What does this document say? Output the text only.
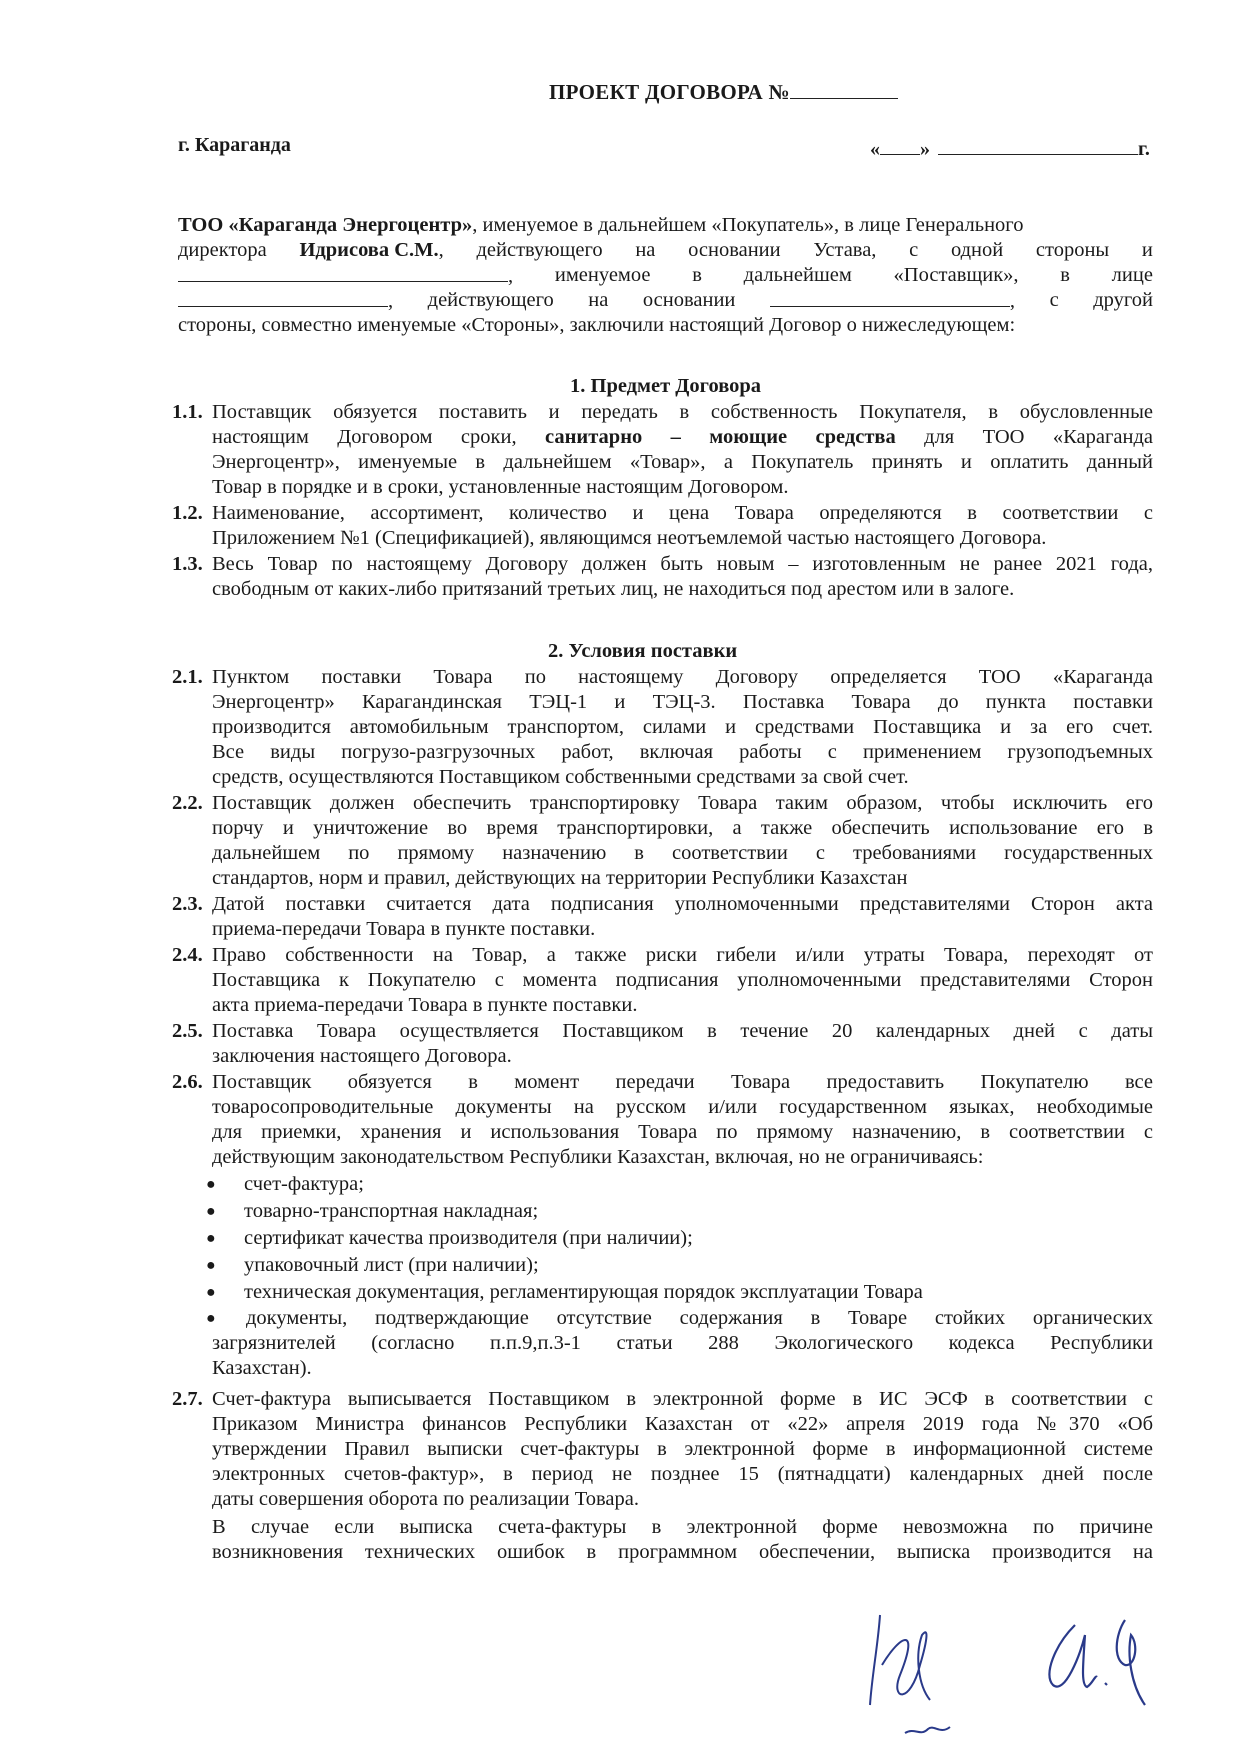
ПРОЕКТ ДОГОВОРА №
г. Караганда	« »	г.
ТОО «Караганда Энергоцентр» , именуемое в дальнейшем «Покупатель», в лице Генерального
директора Идрисова С.М., действующего на основании Устава, с одной стороны и
, именуемое в дальнейшем «Поставщик», в лице
, действующего на основании	, с другой
стороны, совместно именуемые «Стороны», заключили настоящий Договор о нижеследующем:
1. Предмет Договора
1.1. Поставщик обязуется поставить и передать в собственность Покупателя, в обусловленные
настоящим Договором сроки, санитарно – моющие средства для ТОО «Караганда
Энергоцентр», именуемые в дальнейшем «Товар», а Покупатель принять и оплатить данный
Товар в порядке и в сроки, установленные настоящим Договором.
1.2. Наименование, ассортимент, количество и цена Товара определяются в соответствии с
Приложением №1 (Спецификацией), являющимся неотъемлемой частью настоящего Договора.
1.3. Весь Товар по настоящему Договору должен быть новым – изготовленным не ранее 2021 года,
свободным от каких-либо притязаний третьих лиц, не находиться под арестом или в залоге.
2. Условия поставки
2.1. Пунктом поставки Товара по настоящему Договору определяется ТОО «Караганда
Энергоцентр» Карагандинская ТЭЦ-1 и ТЭЦ-3. Поставка Товара до пункта поставки
производится автомобильным транспортом, силами и средствами Поставщика и за его счет.
Все виды погрузо-разгрузочных работ, включая работы с применением грузоподъемных
средств, осуществляются Поставщиком собственными средствами за свой счет.
2.2. Поставщик должен обеспечить транспортировку Товара таким образом, чтобы исключить его
порчу и уничтожение во время транспортировки, а также обеспечить использование его в
дальнейшем по прямому назначению в соответствии с требованиями государственных
стандартов, норм и правил, действующих на территории Республики Казахстан
2.3. Датой поставки считается дата подписания уполномоченными представителями Сторон акта
приема-передачи Товара в пункте поставки.
2.4. Право собственности на Товар, а также риски гибели и/или утраты Товара, переходят от
Поставщика к Покупателю с момента подписания уполномоченными представителями Сторон
акта приема-передачи Товара в пункте поставки.
2.5. Поставка Товара осуществляется Поставщиком в течение 20 календарных дней с даты
заключения настоящего Договора.
2.6. Поставщик обязуется в момент передачи Товара предоставить Покупателю все
товаросопроводительные документы на русском и/или государственном языках, необходимые
для приемки, хранения и использования Товара по прямому назначению, в соответствии с
действующим законодательством Республики Казахстан, включая, но не ограничиваясь:
●	счет-фактура;
●	товарно-транспортная накладная;
●	сертификат качества производителя (при наличии);
●	упаковочный лист (при наличии);
●	техническая документация, регламентирующая порядок эксплуатации Товара
●	документы, подтверждающие отсутствие содержания в Товаре стойких органических
загрязнителей (согласно п.п.9,п.3-1 статьи 288 Экологического кодекса Республики
Казахстан).
2.7. Счет-фактура выписывается Поставщиком в электронной форме в ИС ЭСФ в соответствии с
Приказом Министра финансов Республики Казахстан от «22» апреля 2019 года №370 «Об
утверждении Правил выписки счет-фактуры в электронной форме в информационной системе
электронных счетов-фактур», в период не позднее 15 (пятнадцати) календарных дней после
даты совершения оборота по реализации Товара.
В случае если выписка счета-фактуры в электронной форме невозможна по причине
возникновения технических ошибок в программном обеспечении, выписка производится на
